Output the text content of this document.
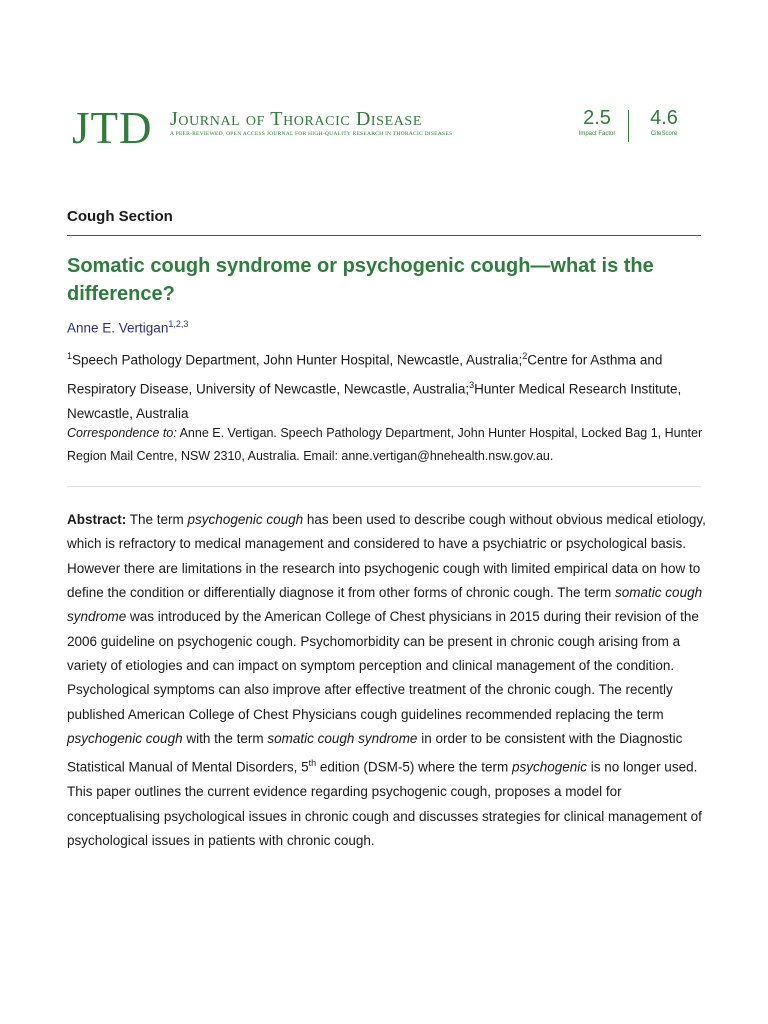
JTD Journal of Thoracic Disease
A PEER-REVIEWED, OPEN ACCESS JOURNAL FOR HIGH-QUALITY RESEARCH IN THORACIC DISEASES
2.5
Impact Factor
4.6
CiteScore
Cough Section
Somatic cough syndrome or psychogenic cough—what is the difference?
Anne E. Vertigan$^{1,2,3}$
$^1$Speech Pathology Department, John Hunter Hospital, Newcastle, Australia;$^2$Centre for Asthma and Respiratory Disease, University of Newcastle, Newcastle, Australia;$^3$Hunter Medical Research Institute, Newcastle, Australia
Correspondence to: Anne E. Vertigan. Speech Pathology Department, John Hunter Hospital, Locked Bag 1, Hunter Region Mail Centre, NSW 2310, Australia. Email: anne.vertigan@hnehealth.nsw.gov.au.
Abstract: The term psychogenic cough has been used to describe cough without obvious medical etiology, which is refractory to medical management and considered to have a psychiatric or psychological basis. However there are limitations in the research into psychogenic cough with limited empirical data on how to define the condition or differentially diagnose it from other forms of chronic cough. The term somatic cough syndrome was introduced by the American College of Chest physicians in 2015 during their revision of the 2006 guideline on psychogenic cough. Psychomorbidity can be present in chronic cough arising from a variety of etiologies and can impact on symptom perception and clinical management of the condition. Psychological symptoms can also improve after effective treatment of the chronic cough. The recently published American College of Chest Physicians cough guidelines recommended replacing the term psychogenic cough with the term somatic cough syndrome in order to be consistent with the Diagnostic Statistical Manual of Mental Disorders, 5th edition (DSM-5) where the term psychogenic is no longer used. This paper outlines the current evidence regarding psychogenic cough, proposes a model for conceptualising psychological issues in chronic cough and discusses strategies for clinical management of psychological issues in patients with chronic cough.
